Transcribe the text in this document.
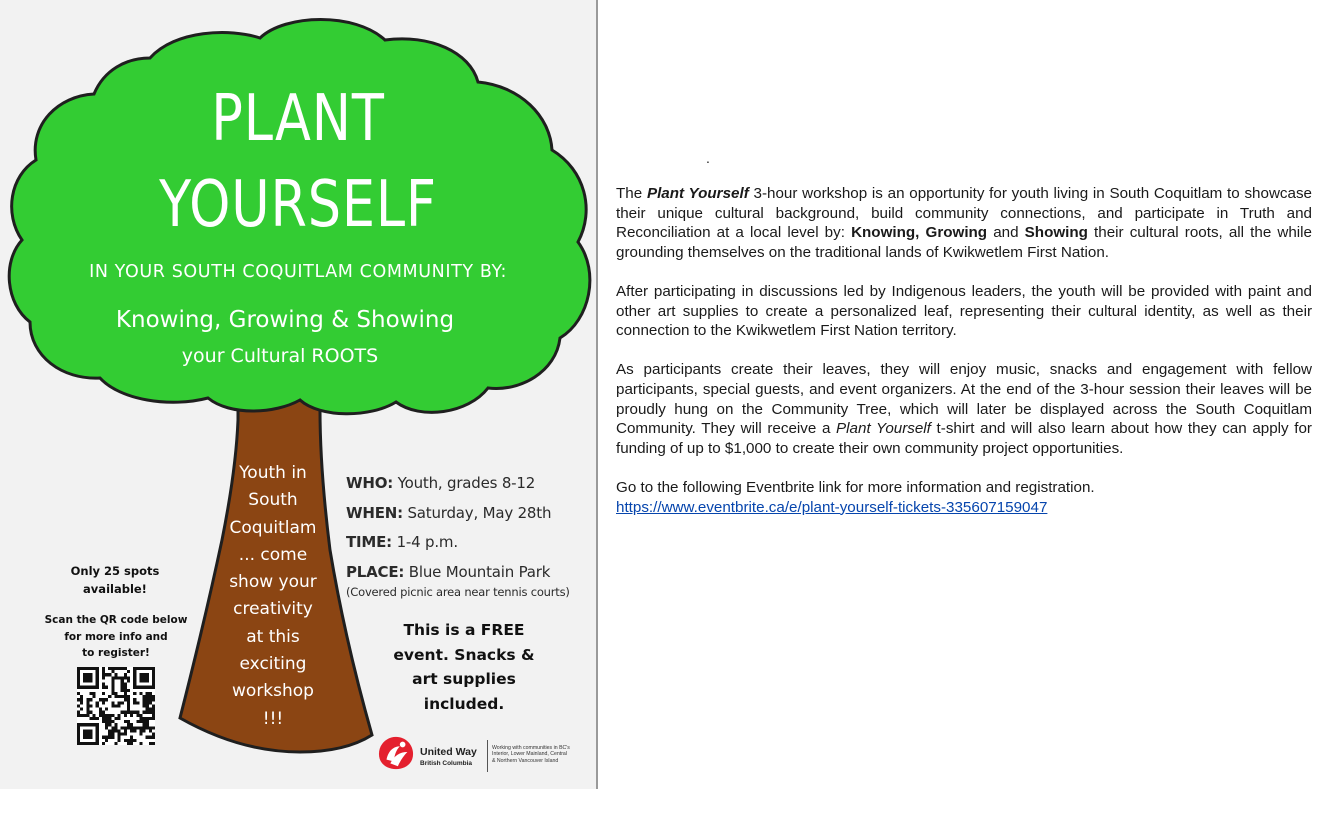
PLANT
YOURSELF
IN YOUR SOUTH COQUITLAM COMMUNITY BY:
Knowing, Growing & Showing
your Cultural ROOTS
Youth in
South
Coquitlam
... come
show your
creativity
at this
exciting
workshop
!!!
WHO: Youth, grades 8-12
WHEN: Saturday, May 28th
TIME: 1-4 p.m.
PLACE: Blue Mountain Park
(Covered picnic area near tennis courts)
This is a FREE
event. Snacks &
art supplies
included.
Only 25 spots
available!
Scan the QR code below
for more info and
to register!
United Way
British Columbia
Working with communities in BC's
Interior, Lower Mainland, Central
& Northern Vancouver Island
.

The Plant Yourself 3-hour workshop is an opportunity for youth living in South Coquitlam to showcase their unique cultural background, build community connections, and participate in Truth and Reconciliation at a local level by: Knowing, Growing and Showing their cultural roots, all the while grounding themselves on the traditional lands of Kwikwetlem First Nation.

After participating in discussions led by Indigenous leaders, the youth will be provided with paint and other art supplies to create a personalized leaf, representing their cultural identity, as well as their connection to the Kwikwetlem First Nation territory.

As participants create their leaves, they will enjoy music, snacks and engagement with fellow participants, special guests, and event organizers. At the end of the 3-hour session their leaves will be proudly hung on the Community Tree, which will later be displayed across the South Coquitlam Community. They will receive a Plant Yourself t-shirt and will also learn about how they can apply for funding of up to $1,000 to create their own community project opportunities.

Go to the following Eventbrite link for more information and registration.
https://www.eventbrite.ca/e/plant-yourself-tickets-335607159047
